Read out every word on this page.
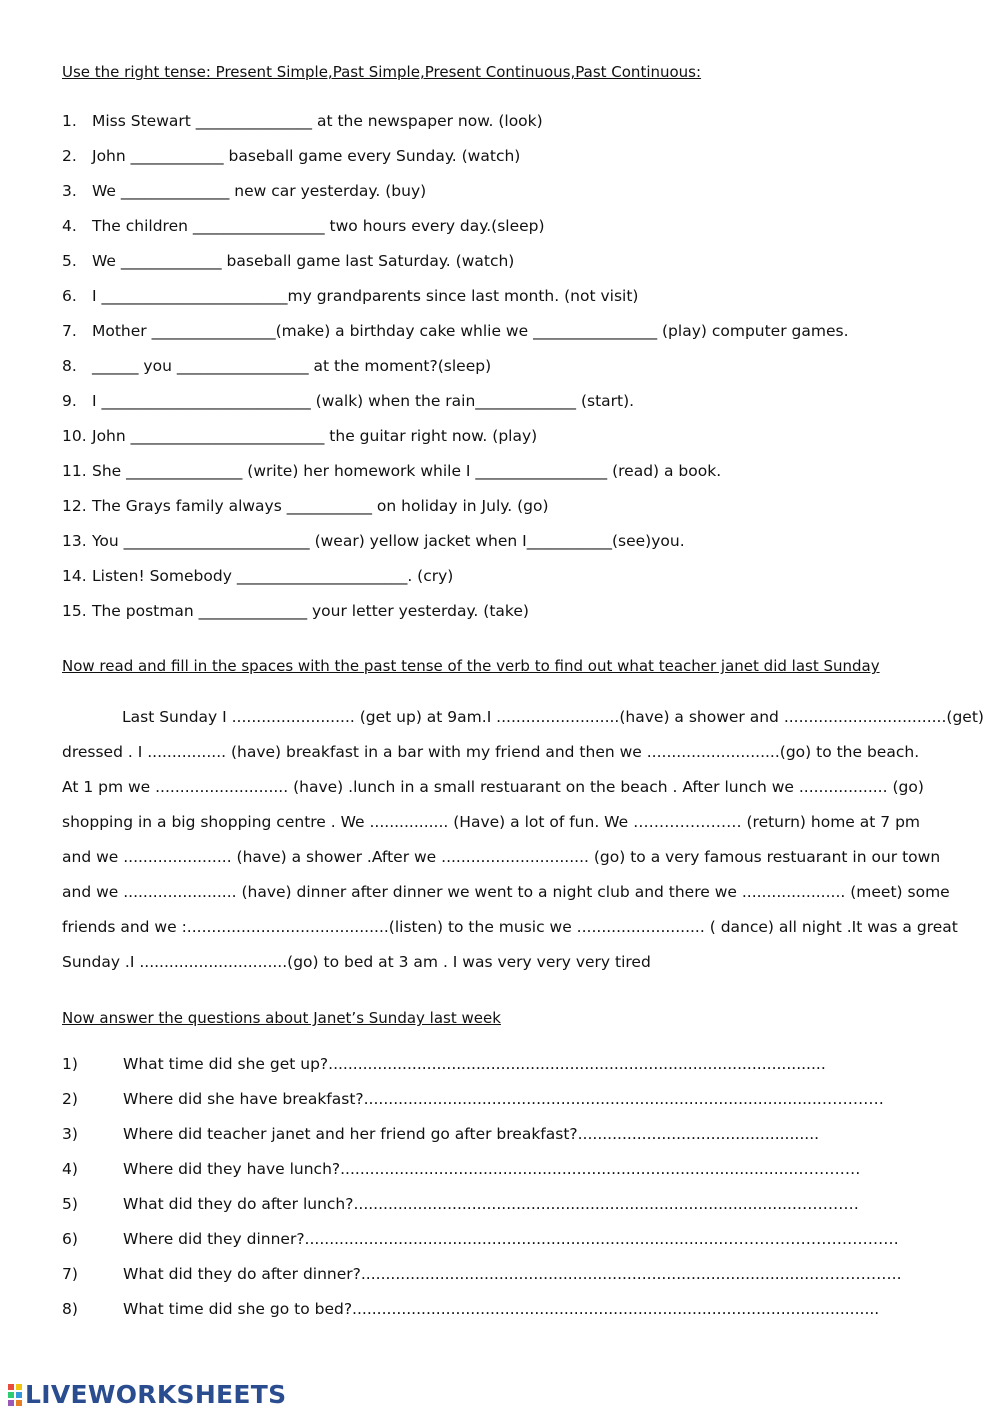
Use the right tense: Present Simple,Past Simple,Present Continuous,Past Continuous:
1. Miss Stewart _______________ at the newspaper now. (look)
2. John ____________ baseball game every Sunday. (watch)
3. We ______________ new car yesterday. (buy)
4. The children _________________ two hours every day.(sleep)
5. We _____________ baseball game last Saturday. (watch)
6. I ________________________my grandparents since last month. (not visit)
7. Mother ________________(make) a birthday cake whlie we ________________ (play) computer games.
8. ______ you _________________ at the moment?(sleep)
9. I ___________________________ (walk) when the rain_____________ (start).
10. John _________________________ the guitar right now. (play)
11. She _______________ (write) her homework while I _________________ (read) a book.
12. The Grays family always ___________ on holiday in July. (go)
13. You ________________________ (wear) yellow jacket when I___________(see)you.
14. Listen! Somebody ______________________. (cry)
15. The postman ______________ your letter yesterday. (take)
Now read and fill in the spaces with the past tense of the verb to find out what teacher janet did last Sunday

Last Sunday I ......................... (get up) at 9am.I .........................(have) a shower and .................................(get)

dressed . I ................ (have) breakfast in a bar with my friend and then we ...........................(go) to the beach.

At 1 pm we ........................... (have) .lunch in a small restuarant on the beach . After lunch we .................. (go)

shopping in a big shopping centre . We ................ (Have) a lot of fun. We ………………… (return) home at 7 pm

and we ...................... (have) a shower .After we .............................. (go) to a very famous restuarant in our town

and we ....................... (have) dinner after dinner we went to a night club and there we ..................... (meet) some

friends and we :.........................................(listen) to the music we .......................... ( dance) all night .It was a great

Sunday .I ..............................(go) to bed at 3 am . I was very very very tired

Now answer the questions about Janet’s Sunday last week
1)	What time did she get up?.....................................................................................................
2)	Where did she have breakfast?.............................................................................................…………
3)	Where did teacher janet and her friend go after breakfast?.................................................
4)	Where did they have lunch?.............................................................................................…………
5)	What did they do after lunch?..........................................................................................…………
6)	Where did they dinner?......................................................................................……………………………
7)	What did they do after dinner?............................................................................................……………..
8)	What time did she go to bed?...........................................................................................................
LIVEWORKSHEETS
